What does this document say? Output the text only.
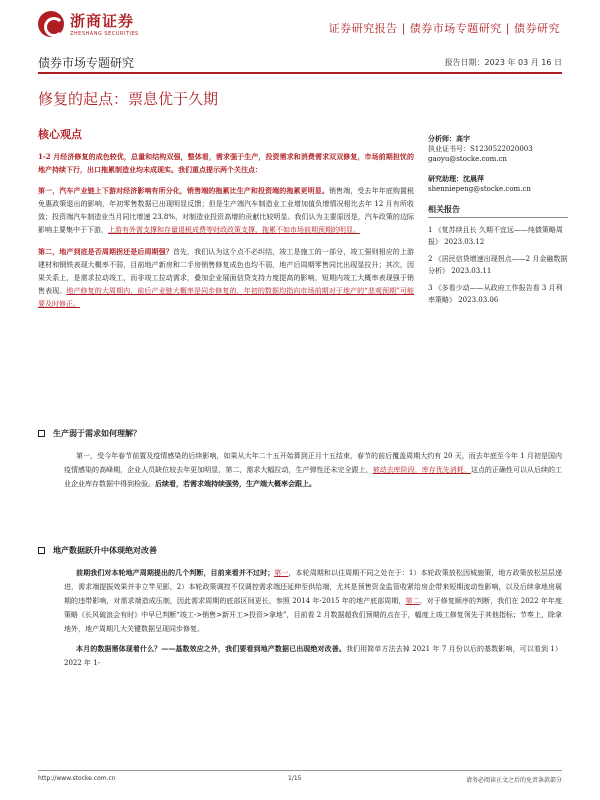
浙商证券
ZHESHANG SECURITIES	证券研究报告 | 债券市场专题研究 | 债券研究
债券市场专题研究	报告日期：2023 年 03 月 16 日
修复的起点：票息优于久期
核心观点

1-2 月经济修复的成色较优，总量和结构双强，整体看，需求强于生产，投资需求和消费需求双双修复，市场前期担忧的地产持续下行，出口拖累制造业均未成现实。我们重点提示两个关注点：

第一，汽车产业链上下游对经济影响有所分化，销售端的拖累比生产和投资端的拖累更明显。销售端，受去年年底购置税免惠政策退出的影响，年初零售数据已出现明显反馈；但是生产端汽车制造业工业增加值负增情况相比去年 12 月有所收敛；投资端汽车制造业当月同比增速 23.8%，对制造业投资高增的贡献比较明显。我们认为主要原因是，汽车政策的边际影响主要集中于下游，上游有外需支撑和存量退税成费等财政政策支撑，拖累不如市场前期预期的明显。

第二，地产到底是否周期拐还是后周期强？首先，我们认为这个点不必纠结，竣工是施工的一部分，竣工强则相应的上游建材和钢铁表现大概率不弱，目前地产新房和二手房销售修复成色也均不弱，地产后周期零售同比出现显拉升；其次，因果关系上，是需求拉动竣工，而非竣工拉动需求，叠加企业展面信贷支持力度提高的影响，短期内竣工大概率表现强于销售表现。地产修复的大周期内，前后产业链大概率是同步修复的，年初的数据均指向市场前期对于地产的“悲观预期”可能要及时修正。

分析师：高宇
执业证书号：S1230522020003
gaoyu@stocke.com.cn
研究助理：沈晨萍
shenniepeng@stocke.com.cn
相关报告
1 《复苏续且长 久期不宜远——纯债策略周报》 2023.03.12
2 《居民信贷增速出现拐点——2 月金融数据分析》 2023.03.11
3 《多看少动——从政府工作报告看 3 月利率策略》 2023.03.06
生产弱于需求如何理解？

第一，受今年春节前置及疫情感染的后续影响，如果从大年二十五开始算到正月十五结束，春节的前后覆盖周期大约有 20 天，而去年底至今年 1 月初是国内疫情感染的高峰期，企业人员缺位较去年更加明显，第二，需求大幅拉动，生产弹性还未完全跟上，被动去库阶段，库存优先消耗，这点的正确性可以从后续的工业企业库存数据中得到检验。后续看，若需求端持续强势，生产端大概率会跟上。

地产数据跃升中体现绝对改善

前期我们对本轮地产周期提出的几个判断，目前来看并不过时；第一，本轮周期和以往周期不同之处在于：1）本轮政策放松因城施策，地方政策放松层层递进，需求端提振效果并非立竿见影，2）本轮政策调控不仅调控需求端还延伸至供给端，尤其是预售资金监管收紧给房企带来短期流动性影响，以及后续拿地房展期的违带影响，对需求端造成压制，因此需求周期的底部区间更长，参照 2014 年-2015 年的地产底部周期，第二，对于修复顺序的判断，我们在 2022 年年度策略《长风破浪会有时》中早已判断“竣工->销售>新开工>投资>拿地”，目前看 2 月数据超我们预期的点在于，幅度上竣工修复领先于其他指标；节奏上，除拿地外，地产周期几大关键数据呈现同步修复。

本月的数据需体现着什么？——基数效应之外，我们要看到地产数据已出现绝对改善。我们用简单方法去掉 2021 年 7 月份以后的基数影响，可以看到 1）2022 年 1-

http://www.stocke.com.cn	1/15	请务必阅读正文之后的免责条款部分
